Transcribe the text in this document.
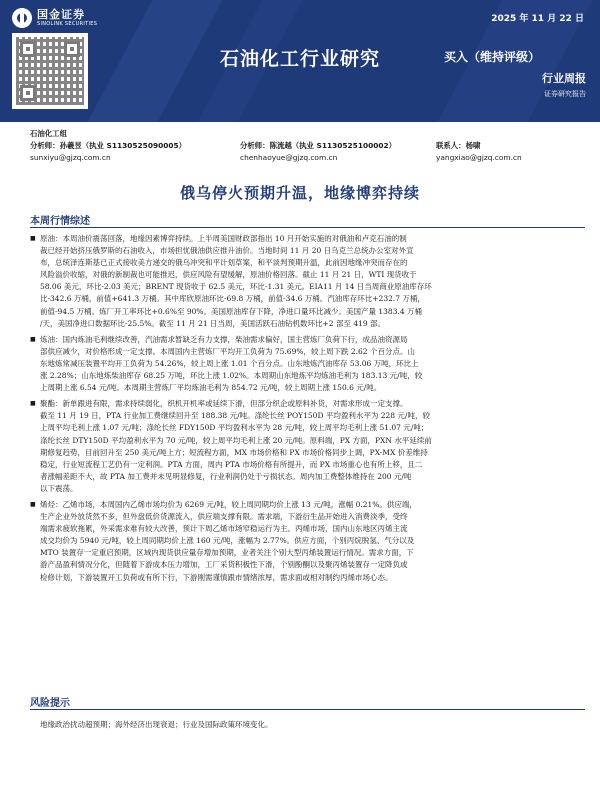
国金证券
SINOLINK SECURITIES	2025 年 11 月 22 日
石油化工行业研究	买入（维持评级）
行业周报
证券研究报告
石油化工组
分析师：孙羲昱（执业 S1130525090005）	分析师：陈流越（执业 S1130525100002）	联系人：杨啸
sunxiyu@gjzq.com.cn	chenhaoyue@gjzq.com.cn	yangxiao@gjzq.com.cn
俄乌停火预期升温，地缘博弈持续
本周行情综述
■ 原油：本周油价震荡回落，地缘因素博弈持续。上半周美国财政部指出 10 月开始实施的对俄油和卢克石油的制
裁已经开始挤压俄罗斯的石油收入，市场担忧俄油供应推升油价。当地时间 11 月 20 日乌克兰总统办公室对外宣
布，总统泽连斯基已正式接收美方递交的俄乌冲突和平计划草案，和平谈判预期升温，此前因地缘冲突而存在的
风险溢价收缩，对俄的新制裁也可能推迟，供应风险有望缓解，原油价格回落。截止 11 月 21 日，WTI 现货收于
58.06 美元，环比-2.03 美元；BRENT 现货收于 62.5 美元，环比-1.31 美元。EIA11 月 14 日当周商业原油库存环
比-342.6 万桶，前值+641.3 万桶。其中库欣原油环比-69.8 万桶，前值-34.6 万桶。汽油库存环比+232.7 万桶，
前值-94.5 万桶。炼厂开工率环比+0.6%至 90%。美国原油库存下降，净进口量环比减少。美国产量 1383.4 万桶
/天，美国净进口数据环比-25.5%。截至 11 月 21 日当周，美国活跃石油钻机数环比+2 部至 419 部。
■ 炼油：国内炼油毛利继续改善，汽油需求暂缺乏有力支撑，柴油需求偏好，国主营炼厂负荷下行，成品油资源局
部供应减少，对价格形成一定支撑。本周国内主营炼厂平均开工负荷为 75.69%，较上周下跌 2.62 个百分点。山
东地炼常减压装置平均开工负荷为 54.26%，较上周上涨 1.01 个百分点。山东地炼汽油库存 53.06 万吨，环比上
涨 2.28%；山东地炼柴油库存 68.25 万吨，环比上涨 1.02%。本周期山东地炼平均炼油毛利为 183.13 元/吨，较
上周期上涨 6.54 元/吨。本周期主营炼厂平均炼油毛利为 854.72 元/吨，较上周期上涨 150.6 元/吨。
■ 聚酯：新单跟进有限，需求持续弱化，织机开机率或延续下滑，但部分织企或原料补货，对需求形成一定支撑。
截至 11 月 19 日，PTA 行业加工费继续回升至 188.38 元/吨。涤纶长丝 POY150D 平均盈利水平为 228 元/吨，较
上周平均毛利上涨 1.07 元/吨；涤纶长丝 FDY150D 平均盈利水平为 28 元/吨，较上周平均毛利上涨 51.07 元/吨；
涤纶长丝 DTY150D 平均盈利水平为 70 元/吨，较上周平均毛利上涨 20 元/吨。原料端，PX 方面，PXN 水平延续前
期修复趋势，目前回升至 250 美元/吨上方；短流程方面，MX 市场价格和 PX 市场价格同步上调，PX-MX 价差维持
稳定，行业短流程工艺仍有一定利润。PTA 方面，周内 PTA 市场价格有所提升，而 PX 市场重心也有所上移，且二
者涨幅差距不大，故 PTA 加工费并未见明显修复，行业利润仍处于亏损状态。周内加工费整体维持在 200 元/吨
以下震荡。
■ 烯烃：乙烯市场，本周国内乙烯市场均价为 6269 元/吨，较上周同期均价上涨 13 元/吨，涨幅 0.21%。供应端，
生产企业外放货然不多，但外盘低价货源流入，供应端支撑有限。需求端，下游衍生品开始进入消费淡季，受终
端需求疲软拖累，外采需求难有较大改善，预计下周乙烯市场窄稳运行为主。丙烯市场，国内山东地区丙烯主流
成交均价为 5940 元/吨，较上周同期均价上涨 160 元/吨，涨幅为 2.77%。供应方面，个别丙烷脱氢、气分以及
MTO 装置存一定重启预期，区域内现货供应量存增加预期，业者关注个别大型丙烯装置运行情况。需求方面，下
游产品盈利情况分化，但随着下游成本压力增加，工厂采货积极性下滑，个别酚酮以及聚丙烯装置存一定降负或
检修计划，下游装置开工负荷或有所下行，下游刚需谨慎跟市情绪浓厚，需求面或相对制约丙烯市场心态。
风险提示
地缘政治扰动超预期；海外经济出现衰退；行业及国际政策环境变化。
